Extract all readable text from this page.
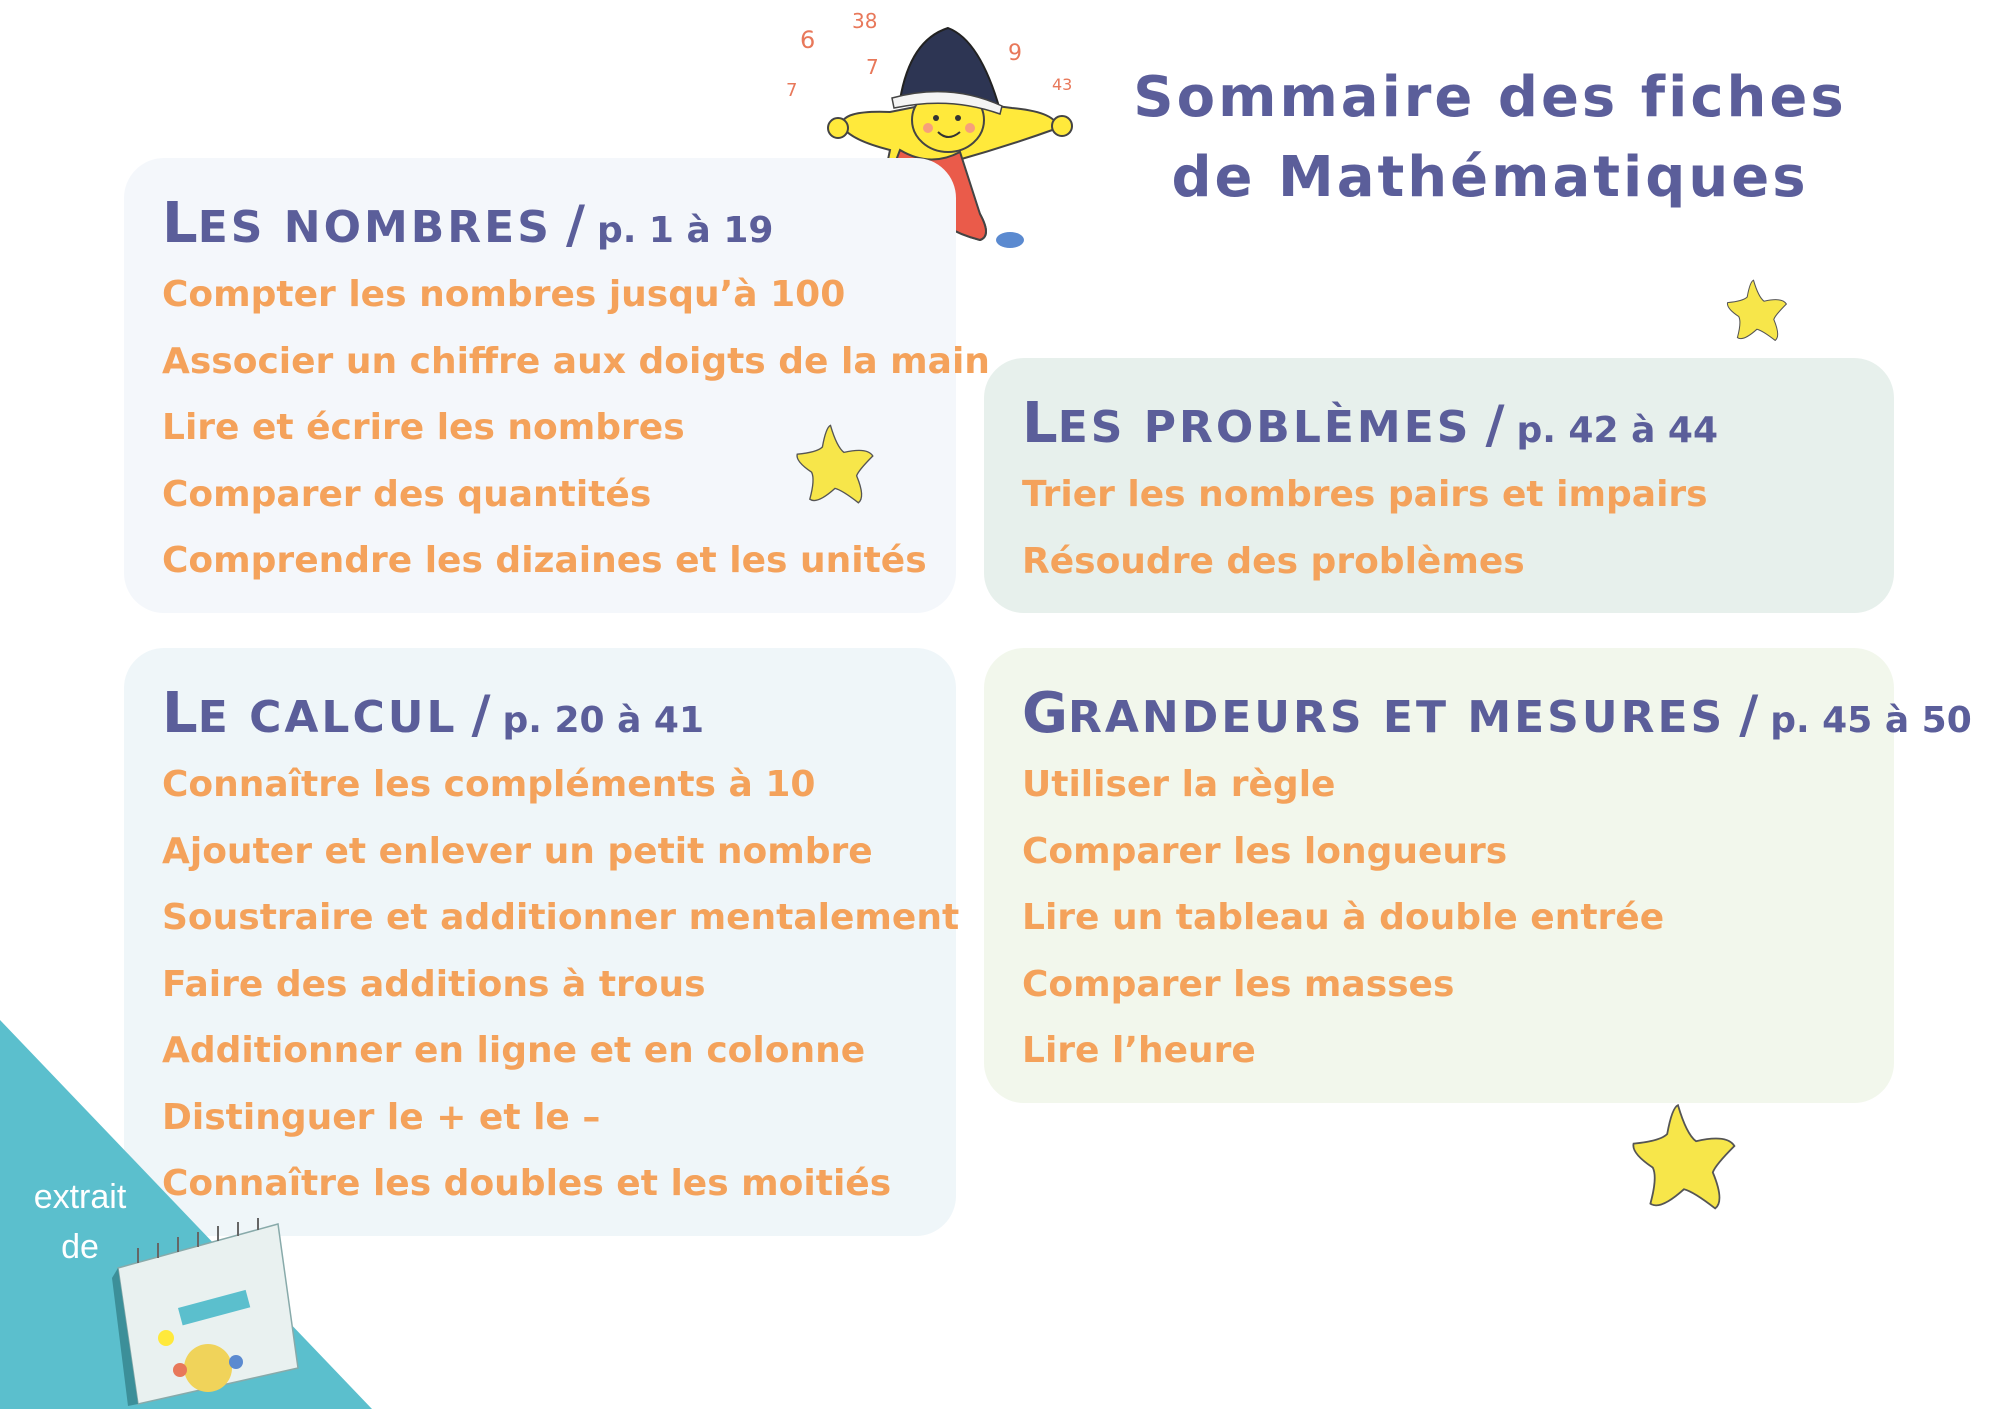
Sommaire des fiches
de Mathématiques
6
38
7
9
43
7
LES NOMBRES / p. 1 à 19
Compter les nombres jusqu’à 100
Associer un chiffre aux doigts de la main
Lire et écrire les nombres
Comparer des quantités
Comprendre les dizaines et les unités
LES PROBLÈMES / p. 42 à 44
Trier les nombres pairs et impairs
Résoudre des problèmes
LE CALCUL / p. 20 à 41
Connaître les compléments à 10
Ajouter et enlever un petit nombre
Soustraire et additionner mentalement
Faire des additions à trous
Additionner en ligne et en colonne
Distinguer le + et le –
Connaître les doubles et les moitiés
GRANDEURS ET MESURES / p. 45 à 50
Utiliser la règle
Comparer les longueurs
Lire un tableau à double entrée
Comparer les masses
Lire l’heure
extrait
de
